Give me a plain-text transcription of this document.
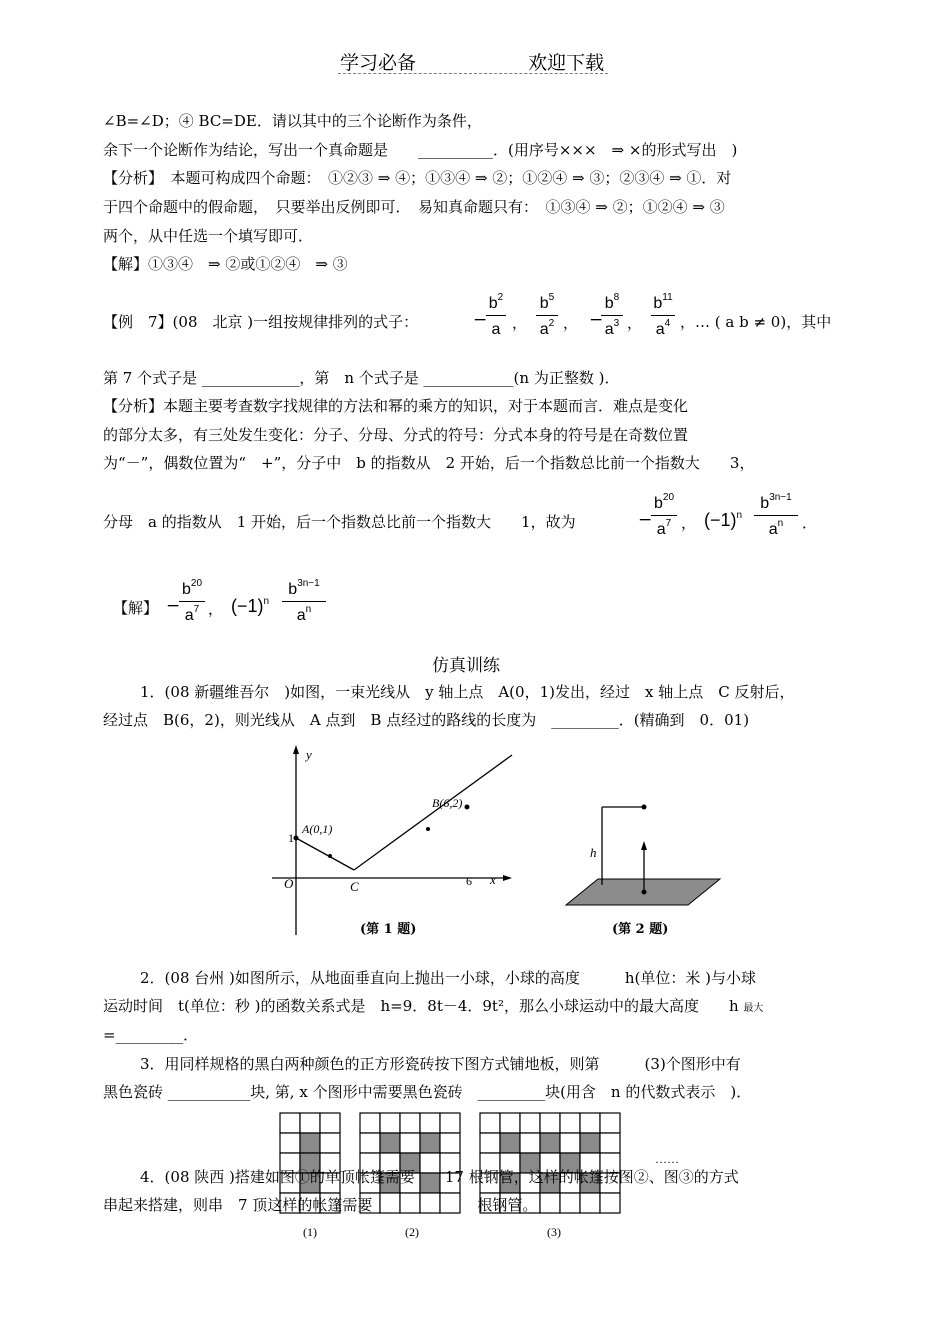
学习必备	欢迎下载
∠B=∠D；④ BC=DE．请以其中的三个论断作为条件，
余下一个论断作为结论，写出一个真命题是　　__________．(用序号×××　⇒ ×的形式写出　)
【分析】　本题可构成四个命题：　①②③ ⇒ ④；①③④ ⇒ ②；①②④ ⇒ ③；②③④ ⇒ ①．对
于四个命题中的假命题，　只要举出反例即可．　易知真命题只有：　①③④ ⇒ ②；①②④ ⇒ ③
两个，从中任选一个填写即可．
【解】①③④　⇒ ②或①②④　⇒ ③
【例　7】(08　北京 )一组按规律排列的式子：	−
$b^2$
a ，
$b^5$
$a^2$ ， −
$b^8$
$a^3$ ，
$b^{11}$
$a^4$ ，… ( a b ≠ 0)，其中
第 7 个式子是 _____________，第　n 个式子是 ____________(n 为正整数 )．
【分析】本题主要考查数字找规律的方法和幂的乘方的知识，对于本题而言．难点是变化
的部分太多，有三处发生变化：分子、分母、分式的符号：分式本身的符号是在奇数位置
为“－”，偶数位置为“　+”，分子中　b 的指数从　2 开始，后一个指数总比前一个指数大　　3，
分母　a 的指数从　1 开始，后一个指数总比前一个指数大　　1，故为	−
$b^{20}$
$a^7$ ， $(-1)^n$
$b^{3n-1}$
$a^n$	．
【解】 −
$b^{20}$
$a^7$ ， $(-1)^n$
$b^{3n-1}$
$a^n$
仿真训练
1．(08 新疆维吾尔　)如图，一束光线从　y 轴上点　A(0，1)发出，经过　x 轴上点　C 反射后，
经过点　B(6，2)，则光线从　A 点到　B 点经过的路线的长度为　_________．(精确到　0．01)
y
x
O	C	6
1
A(0,1)
B(6,2)
(第 1 题)
h
(第 2 题)
2．(08 台州 )如图所示，从地面垂直向上抛出一小球，小球的高度　　　h(单位：米 )与小球
运动时间　t(单位：秒 )的函数关系式是　h=9．8t－4．9t²，那么小球运动中的最大高度　　h 最大
=_________．
3．用同样规格的黑白两种颜色的正方形瓷砖按下图方式铺地板，则第　　　(3)个图形中有
黑色瓷砖 ___________块, 第, x 个图形中需要黑色瓷砖　_________块(用含　n 的代数式表示　)．
……
(1)	(2)	(3)
4．(08 陕西 )搭建如图①的单顶帐篷需要　　17 根钢管，这样的帐篷按图②、图③的方式
串起来搭建，则串　7 顶这样的帐篷需要　　　　　　　根钢管。
